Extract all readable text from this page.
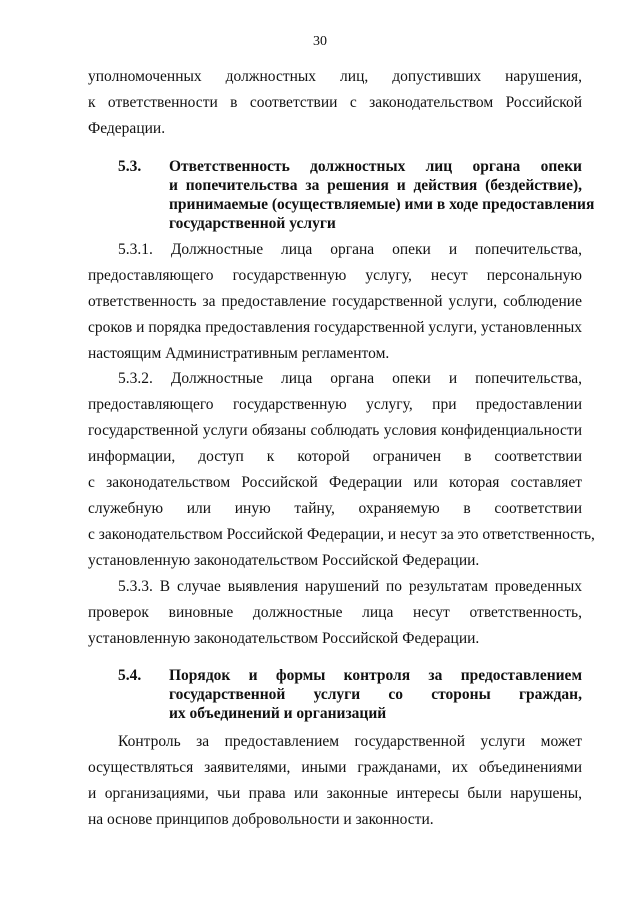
30
уполномоченных должностных лиц, допустивших нарушения,
к ответственности в соответствии с законодательством Российской
Федерации.
5.3. Ответственность должностных лиц органа опеки
и попечительства за решения и действия (бездействие),
принимаемые (осуществляемые) ими в ходе предоставления
государственной услуги
5.3.1. Должностные лица органа опеки и попечительства,
предоставляющего государственную услугу, несут персональную
ответственность за предоставление государственной услуги, соблюдение
сроков и порядка предоставления государственной услуги, установленных
настоящим Административным регламентом.
5.3.2. Должностные лица органа опеки и попечительства,
предоставляющего государственную услугу, при предоставлении
государственной услуги обязаны соблюдать условия конфиденциальности
информации, доступ к которой ограничен в соответствии
с законодательством Российской Федерации или которая составляет
служебную или иную тайну, охраняемую в соответствии
с законодательством Российской Федерации, и несут за это ответственность,
установленную законодательством Российской Федерации.
5.3.3. В случае выявления нарушений по результатам проведенных
проверок виновные должностные лица несут ответственность,
установленную законодательством Российской Федерации.
5.4. Порядок и формы контроля за предоставлением
государственной услуги со стороны граждан,
их объединений и организаций
Контроль за предоставлением государственной услуги может
осуществляться заявителями, иными гражданами, их объединениями
и организациями, чьи права или законные интересы были нарушены,
на основе принципов добровольности и законности.
